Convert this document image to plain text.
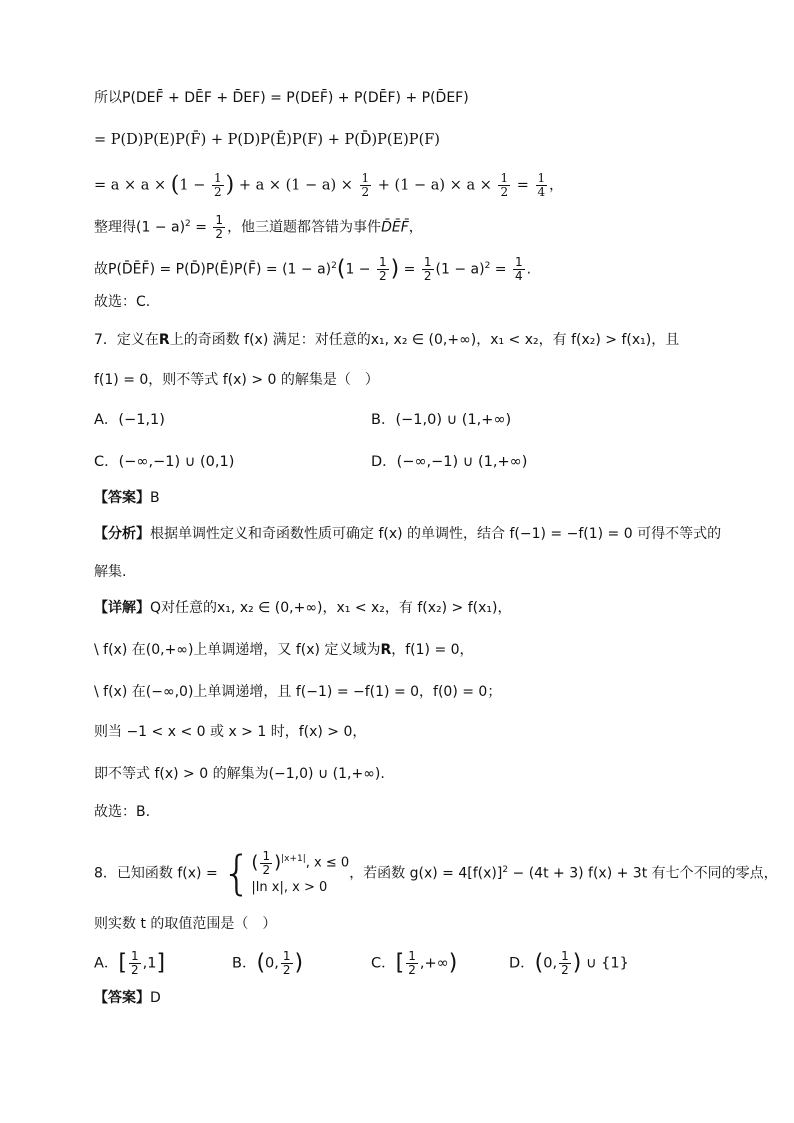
所以P(DEF̄ + DĒF + D̄EF) = P(DEF̄) + P(DĒF) + P(D̄EF)
= P(D)P(E)P(F̄) + P(D)P(Ē)P(F) + P(D̄)P(E)P(F)
= $a \times a \times (1 - \frac{1}{2}$ ) + $a \times (1 - a) \times \frac{1}{2} + (1 - a) \times a \times \frac{1}{2} = \frac{1}{4}$ ，
整理得$(1 - a)^2 = \frac{1}{2}$ ，他三道题都答错为事件D̄ĒF̄，
故P(D̄ĒF̄) = P(D̄)P(Ē)P(F̄) = $(1 - a)^2(1 - \frac{1}{2}$ ) = $\frac{1}{2} (1 - a)^2 = \frac{1}{4}$ .
故选：C.
7．定义在R上的奇函数 f(x) 满足：对任意的x₁, x₂ ∈ (0,+∞)，x₁ < x₂，有 f(x₂) > f(x₁)，且
f(1) = 0，则不等式 f(x) > 0 的解集是（　）
A．(−1,1)	B．(−1,0) ∪ (1,+∞)
C．(−∞,−1) ∪ (0,1)	D．(−∞,−1) ∪ (1,+∞)
【答案】B
【分析】根据单调性定义和奇函数性质可确定 f(x) 的单调性，结合 f(−1) = −f(1) = 0 可得不等式的
解集.
【详解】Q对任意的x₁, x₂ ∈ (0,+∞)，x₁ < x₂，有 f(x₂) > f(x₁)，
\ f(x) 在(0,+∞)上单调递增，又 f(x) 定义域为R，f(1) = 0，
\ f(x) 在(−∞,0)上单调递增，且 f(−1) = −f(1) = 0，f(0) = 0；
则当 −1 < x < 0 或 x > 1 时，f(x) > 0，
即不等式 f(x) > 0 的解集为(−1,0) ∪ (1,+∞).
故选：B.
8．已知函数 f(x) = { ( $\frac{1}{2} )^{|x+1|}$, x ≤ 0
|ln x|, x > 0
，若函数 $g(x) = 4[f(x)]^2 - (4t + 3) f(x) + 3t$ 有七个不同的零点，
则实数 t 的取值范围是（　）
A．[ $\frac{1}{2} ,1$]	B．(0, $\frac{1}{2}$ )	C．[ $\frac{1}{2}$ ,+∞)	D．(0, $\frac{1}{2}$ ) ∪ {1}
【答案】D
